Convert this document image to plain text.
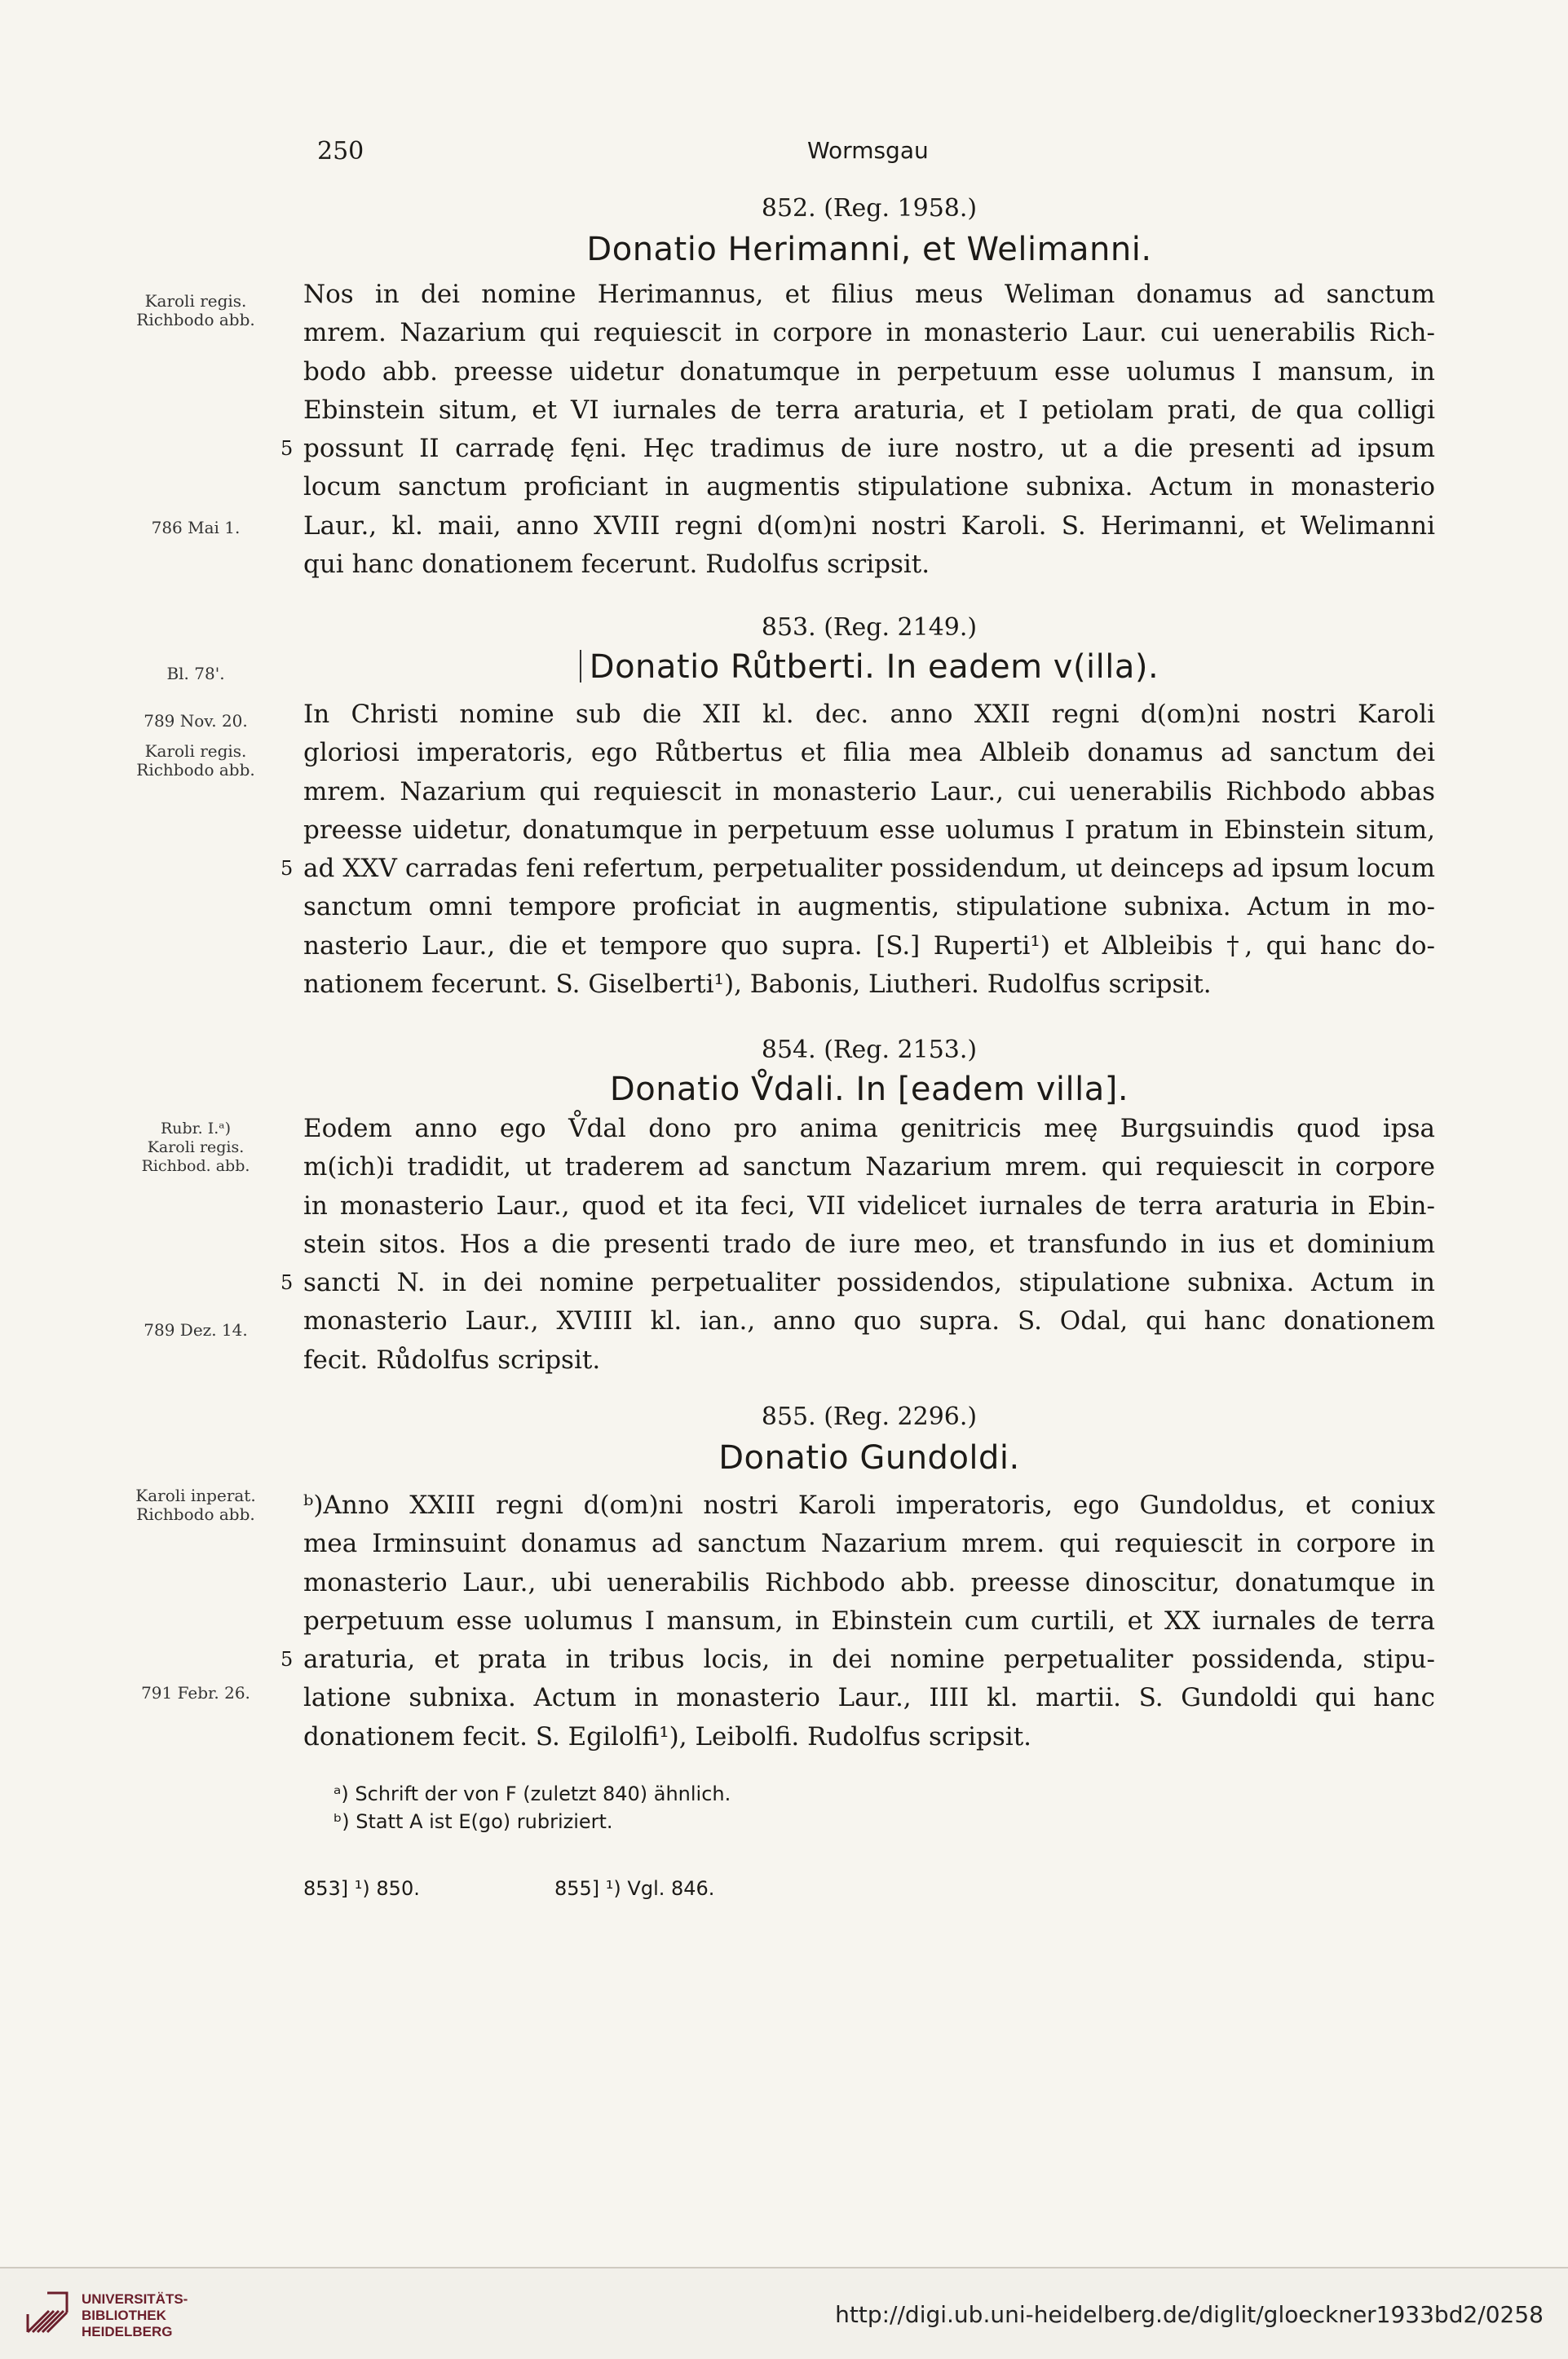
250	Wormsgau
852. (Reg. 1958.)
Donatio Herimanni, et Welimanni.
Nos in dei nomine Herimannus, et filius meus Weliman donamus ad sanctum
mrem. Nazarium qui requiescit in corpore in monasterio Laur. cui uenerabilis Rich-
bodo abb. preesse uidetur donatumque in perpetuum esse uolumus I mansum, in
Ebinstein situm, et VI iurnales de terra araturia, et I petiolam prati, de qua colligi
possunt II carradę fęni. Hęc tradimus de iure nostro, ut a die presenti ad ipsum
locum sanctum proficiant in augmentis stipulatione subnixa. Actum in monasterio
Laur., kl. maii, anno XVIII regni d(om)ni nostri Karoli. S. Herimanni, et Welimanni
qui hanc donationem fecerunt. Rudolfus scripsit.
5
853. (Reg. 2149.)
Donatio Růtberti. In eadem v(illa).
In Christi nomine sub die XII kl. dec. anno XXII regni d(om)ni nostri Karoli
gloriosi imperatoris, ego Růtbertus et filia mea Albleib donamus ad sanctum dei
mrem. Nazarium qui requiescit in monasterio Laur., cui uenerabilis Richbodo abbas
preesse uidetur, donatumque in perpetuum esse uolumus I pratum in Ebinstein situm,
ad XXV carradas feni refertum, perpetualiter possidendum, ut deinceps ad ipsum locum
sanctum omni tempore proficiat in augmentis, stipulatione subnixa. Actum in mo-
nasterio Laur., die et tempore quo supra. [S.] Ruperti¹) et Albleibis †, qui hanc do-
nationem fecerunt. S. Giselberti¹), Babonis, Liutheri. Rudolfus scripsit.
5
854. (Reg. 2153.)
Donatio V̊dali. In [eadem villa].
Eodem anno ego V̊dal dono pro anima genitricis meę Burgsuindis quod ipsa
m(ich)i tradidit, ut traderem ad sanctum Nazarium mrem. qui requiescit in corpore
in monasterio Laur., quod et ita feci, VII videlicet iurnales de terra araturia in Ebin-
stein sitos. Hos a die presenti trado de iure meo, et transfundo in ius et dominium
sancti N. in dei nomine perpetualiter possidendos, stipulatione subnixa. Actum in
monasterio Laur., XVIIII kl. ian., anno quo supra. S. Odal, qui hanc donationem
fecit. Růdolfus scripsit.
5
855. (Reg. 2296.)
Donatio Gundoldi.
ᵇ)Anno XXIII regni d(om)ni nostri Karoli imperatoris, ego Gundoldus, et coniux
mea Irminsuint donamus ad sanctum Nazarium mrem. qui requiescit in corpore in
monasterio Laur., ubi uenerabilis Richbodo abb. preesse dinoscitur, donatumque in
perpetuum esse uolumus I mansum, in Ebinstein cum curtili, et XX iurnales de terra
araturia, et prata in tribus locis, in dei nomine perpetualiter possidenda, stipu-
latione subnixa. Actum in monasterio Laur., IIII kl. martii. S. Gundoldi qui hanc
donationem fecit. S. Egilolfi¹), Leibolfi. Rudolfus scripsit.
5
Karoli regis. Richbodo abb.
786 Mai 1.
Bl. 78'.
789 Nov. 20.
Karoli regis. Richbodo abb.
Rubr. I.ᵃ)
Karoli regis.
Richbod. abb.
789 Dez. 14.
Karoli inperat. Richbodo abb.
791 Febr. 26.
ᵃ) Schrift der von F (zuletzt 840) ähnlich.
ᵇ) Statt A ist E(go) rubriziert.
853] ¹) 850.	855] ¹) Vgl. 846.
UNIVERSITÄTS-
BIBLIOTHEK
HEIDELBERG
http://digi.ub.uni-heidelberg.de/diglit/gloeckner1933bd2/0258
